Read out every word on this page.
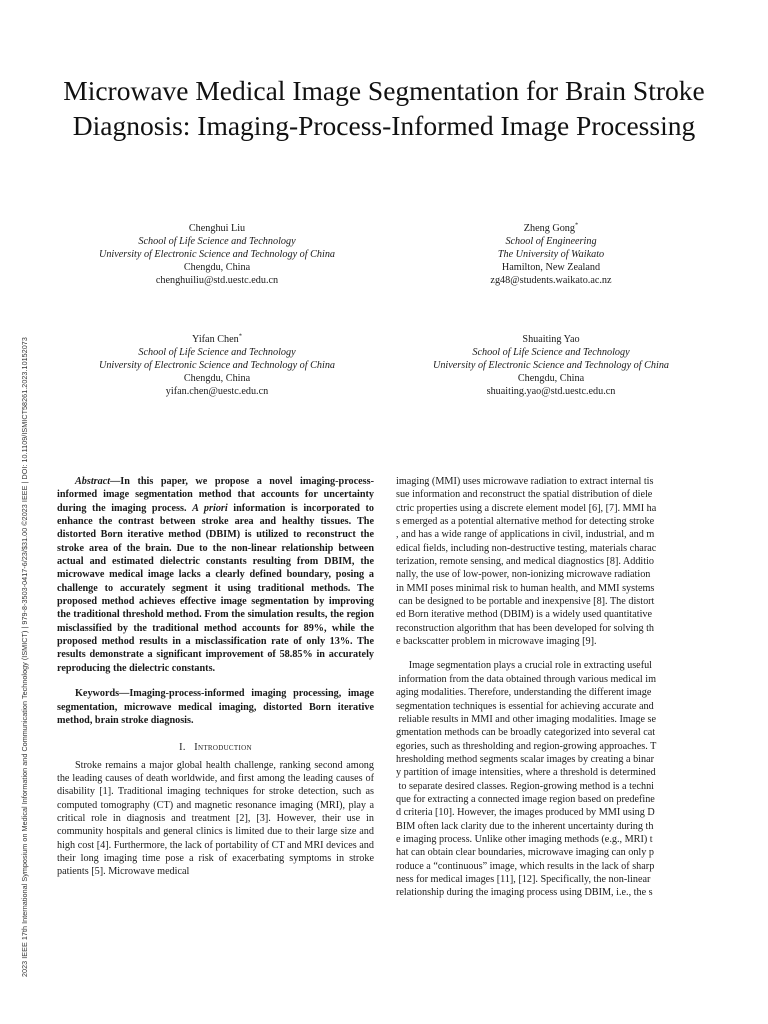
2023 IEEE 17th International Symposium on Medical Information and Communication Technology (ISMICT) | 979-8-3503-0417-6/23/$31.00 ©2023 IEEE | DOI: 10.1109/ISMICT58261.2023.10152073
Microwave Medical Image Segmentation for Brain Stroke Diagnosis: Imaging-Process-Informed Image Processing
Chenghui Liu
School of Life Science and Technology
University of Electronic Science and Technology of China
Chengdu, China
chenghuiliu@std.uestc.edu.cn
Zheng Gong*
School of Engineering
The University of Waikato
Hamilton, New Zealand
zg48@students.waikato.ac.nz
Yifan Chen*
School of Life Science and Technology
University of Electronic Science and Technology of China
Chengdu, China
yifan.chen@uestc.edu.cn
Shuaiting Yao
School of Life Science and Technology
University of Electronic Science and Technology of China
Chengdu, China
shuaiting.yao@std.uestc.edu.cn

Abstract—In this paper, we propose a novel imaging-process-informed image segmentation method that accounts for uncertainty during the imaging process. A priori information is incorporated to enhance the contrast between stroke area and healthy tissues. The distorted Born iterative method (DBIM) is utilized to reconstruct the stroke area of the brain. Due to the non-linear relationship between actual and estimated dielectric constants resulting from DBIM, the microwave medical image lacks a clearly defined boundary, posing a challenge to accurately segment it using traditional methods. The proposed method achieves effective image segmentation by improving the traditional threshold method. From the simulation results, the region misclassified by the traditional method accounts for 89%, while the proposed method results in a misclassification rate of only 13%. The results demonstrate a significant improvement of 58.85% in accurately reproducing the dielectric constants.

Keywords—Imaging-process-informed imaging processing, image segmentation, microwave medical imaging, distorted Born iterative method, brain stroke diagnosis.

I. Introduction

Stroke remains a major global health challenge, ranking second among the leading causes of death worldwide, and first among the leading causes of disability [1]. Traditional imaging techniques for stroke detection, such as computed tomography (CT) and magnetic resonance imaging (MRI), play a critical role in diagnosis and treatment [2], [3]. However, their use in community hospitals and general clinics is limited due to their large size and high cost [4]. Furthermore, the lack of portability of CT and MRI devices and their long imaging time pose a risk of exacerbating symptoms in stroke patients [5]. Microwave medical

imaging (MMI) uses microwave radiation to extract internal tis
sue information and reconstruct the spatial distribution of diele
ctric properties using a discrete element model [6], [7]. MMI ha
s emerged as a potential alternative method for detecting stroke
, and has a wide range of applications in civil, industrial, and m
edical fields, including non-destructive testing, materials charac
terization, remote sensing, and medical diagnostics [8]. Additio
nally, the use of low-power, non-ionizing microwave radiation
in MMI poses minimal risk to human health, and MMI systems
can be designed to be portable and inexpensive [8]. The distort
ed Born iterative method (DBIM) is a widely used quantitative
reconstruction algorithm that has been developed for solving th
e backscatter problem in microwave imaging [9].
Image segmentation plays a crucial role in extracting useful
information from the data obtained through various medical im
aging modalities. Therefore, understanding the different image
segmentation techniques is essential for achieving accurate and
reliable results in MMI and other imaging modalities. Image se
gmentation methods can be broadly categorized into several cat
egories, such as thresholding and region-growing approaches. T
hresholding method segments scalar images by creating a binar
y partition of image intensities, where a threshold is determined
to separate desired classes. Region-growing method is a techni
que for extracting a connected image region based on predefine
d criteria [10]. However, the images produced by MMI using D
BIM often lack clarity due to the inherent uncertainty during th
e imaging process. Unlike other imaging methods (e.g., MRI) t
hat can obtain clear boundaries, microwave imaging can only p
roduce a “continuous” image, which results in the lack of sharp
ness for medical images [11], [12]. Specifically, the non-linear
relationship during the imaging process using DBIM, i.e., the s
